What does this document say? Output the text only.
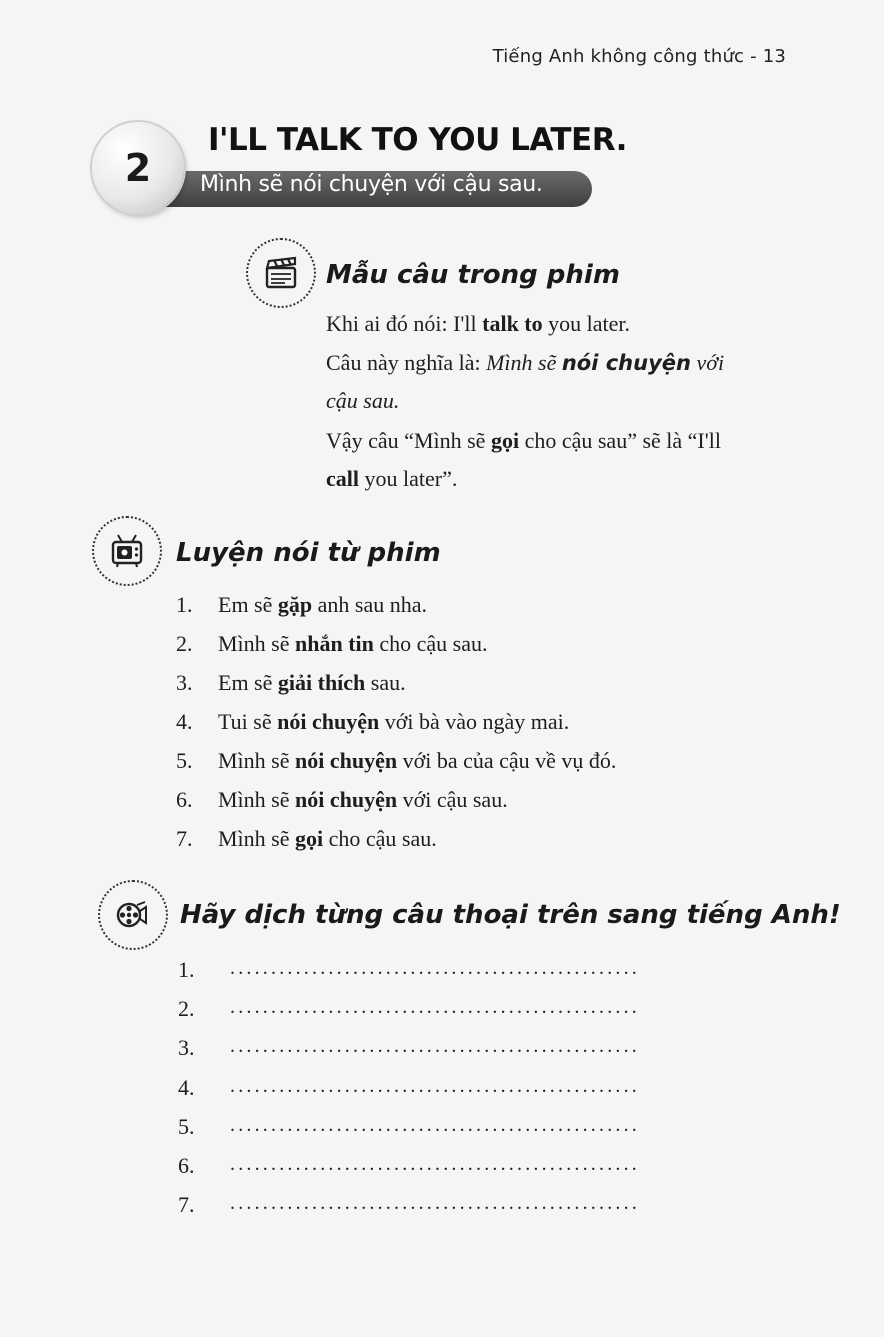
Tiếng Anh không công thức - 13
2
I'LL TALK TO YOU LATER.
Mình sẽ nói chuyện với cậu sau.
Mẫu câu trong phim

Khi ai đó nói: I'll talk to you later.

Câu này nghĩa là: Mình sẽ nói chuyện với

cậu sau.

Vậy câu “Mình sẽ gọi cho cậu sau” sẽ là “I'll

call you later”.

Luyện nói từ phim
1.	Em sẽ gặp anh sau nha.
2.	Mình sẽ nhắn tin cho cậu sau.
3.	Em sẽ giải thích sau.
4.	Tui sẽ nói chuyện với bà vào ngày mai.
5.	Mình sẽ nói chuyện với ba của cậu về vụ đó.
6.	Mình sẽ nói chuyện với cậu sau.
7.	Mình sẽ gọi cho cậu sau.
Hãy dịch từng câu thoại trên sang tiếng Anh!
1.	..................................................
2.	..................................................
3.	..................................................
4.	..................................................
5.	..................................................
6.	..................................................
7.	..................................................
